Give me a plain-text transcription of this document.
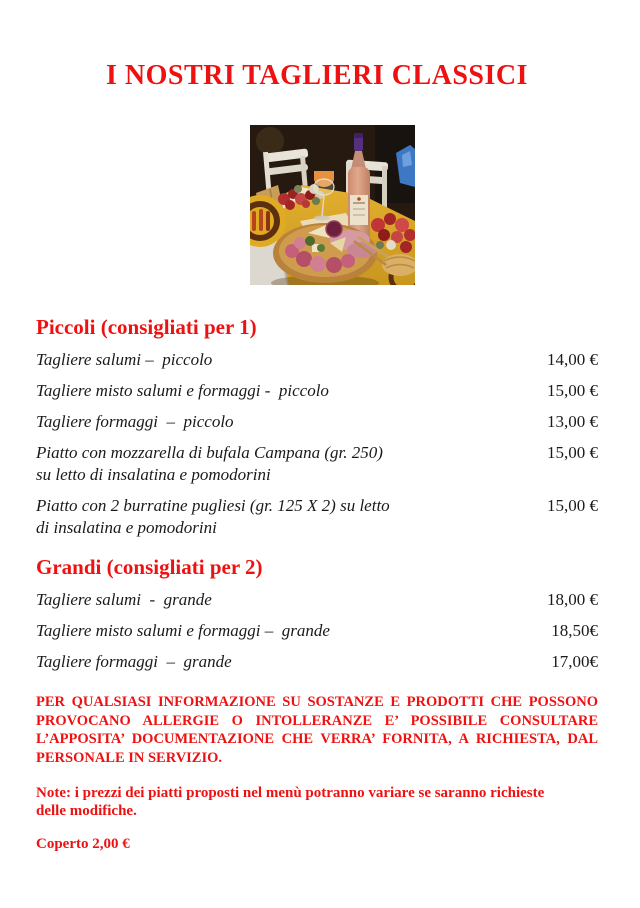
I NOSTRI TAGLIERI CLASSICI
Piccoli (consigliati per 1)
Tagliere salumi –  piccolo	14,00 €
Tagliere misto salumi e formaggi -  piccolo	15,00 €
Tagliere formaggi  –  piccolo	13,00 €
Piatto con mozzarella di bufala Campana (gr. 250)
su letto di insalatina e pomodorini
15,00 €
Piatto con 2 burratine pugliesi (gr. 125 X 2) su letto
di insalatina e pomodorini
15,00 €
Grandi (consigliati per 2)
Tagliere salumi  -  grande	18,00 €
Tagliere misto salumi e formaggi –  grande	18,50€
Tagliere formaggi  –  grande	17,00€
PER QUALSIASI INFORMAZIONE SU SOSTANZE E PRODOTTI CHE POSSONO
PROVOCANO ALLERGIE O INTOLLERANZE E’ POSSIBILE CONSULTARE
L’APPOSITA’ DOCUMENTAZIONE CHE VERRA’ FORNITA, A RICHIESTA, DAL
PERSONALE IN SERVIZIO.
Note: i prezzi dei piatti proposti nel menù potranno variare se saranno richieste
delle modifiche.
Coperto 2,00 €
